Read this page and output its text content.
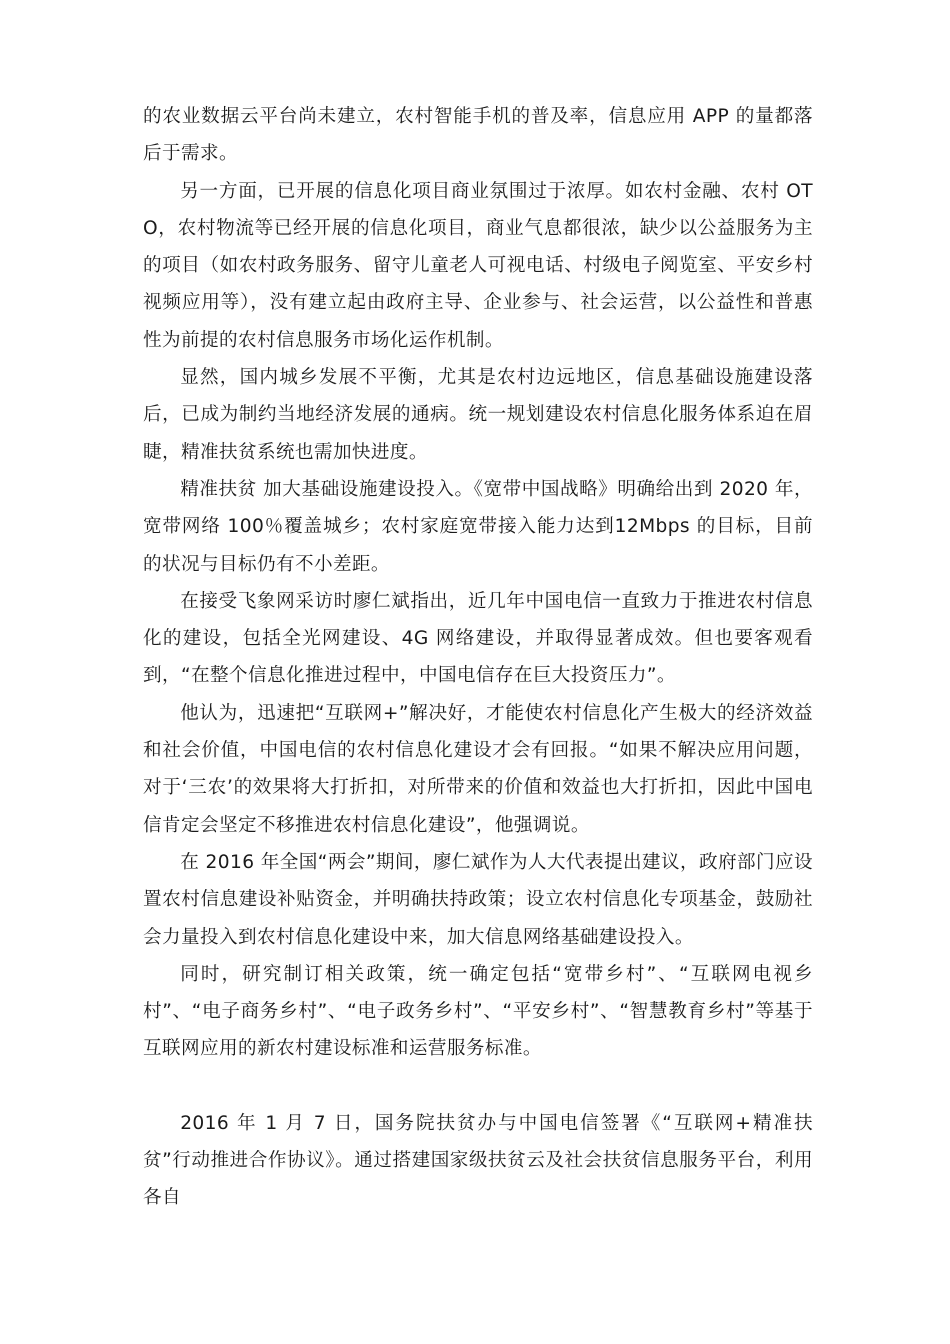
的农业数据云平台尚未建立，农村智能手机的普及率，信息应用 APP 的量都落后于需求。

另一方面，已开展的信息化项目商业氛围过于浓厚。如农村金融、农村 OTO，农村物流等已经开展的信息化项目，商业气息都很浓，缺少以公益服务为主的项目（如农村政务服务、留守儿童老人可视电话、村级电子阅览室、平安乡村视频应用等），没有建立起由政府主导、企业参与、社会运营，以公益性和普惠性为前提的农村信息服务市场化运作机制。

显然，国内城乡发展不平衡，尤其是农村边远地区，信息基础设施建设落后，已成为制约当地经济发展的通病。统一规划建设农村信息化服务体系迫在眉睫，精准扶贫系统也需加快进度。

精准扶贫 加大基础设施建设投入。《宽带中国战略》明确给出到 2020 年，宽带网络 100％覆盖城乡；农村家庭宽带接入能力达到12Mbps 的目标，目前的状况与目标仍有不小差距。

在接受飞象网采访时廖仁斌指出，近几年中国电信一直致力于推进农村信息化的建设，包括全光网建设、4G 网络建设，并取得显著成效。但也要客观看到，“在整个信息化推进过程中，中国电信存在巨大投资压力”。

他认为，迅速把“互联网+”解决好，才能使农村信息化产生极大的经济效益和社会价值，中国电信的农村信息化建设才会有回报。“如果不解决应用问题，对于‘三农’的效果将大打折扣，对所带来的价值和效益也大打折扣，因此中国电信肯定会坚定不移推进农村信息化建设”，他强调说。

在 2016 年全国“两会”期间，廖仁斌作为人大代表提出建议，政府部门应设置农村信息建设补贴资金，并明确扶持政策；设立农村信息化专项基金，鼓励社会力量投入到农村信息化建设中来，加大信息网络基础建设投入。

同时，研究制订相关政策，统一确定包括“宽带乡村”、“互联网电视乡村”、“电子商务乡村”、“电子政务乡村”、“平安乡村”、“智慧教育乡村”等基于互联网应用的新农村建设标准和运营服务标准。

2016 年 1 月 7 日，国务院扶贫办与中国电信签署《“互联网+精准扶贫”行动推进合作协议》。通过搭建国家级扶贫云及社会扶贫信息服务平台，利用各自
